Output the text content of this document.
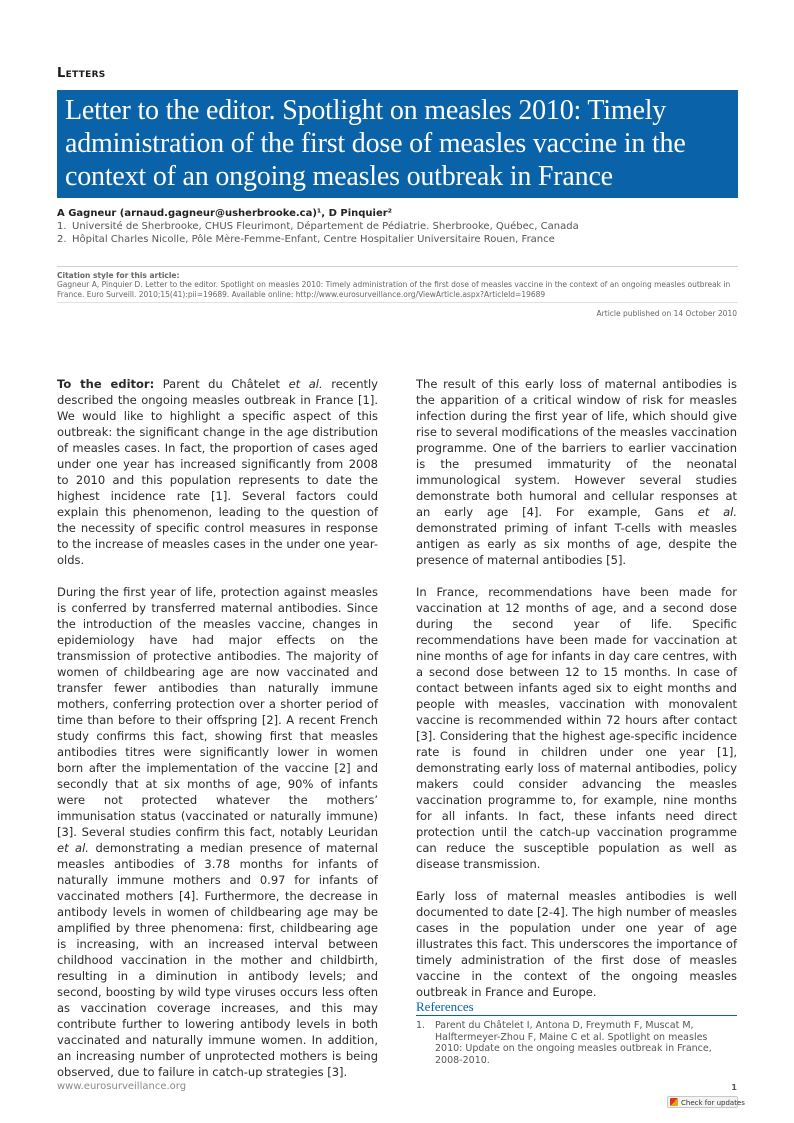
Letters
Letter to the editor. Spotlight on measles 2010: Timely administration of the first dose of measles vaccine in the context of an ongoing measles outbreak in France
A Gagneur (arnaud.gagneur@usherbrooke.ca)¹, D Pinquier²
1. Université de Sherbrooke, CHUS Fleurimont, Département de Pédiatrie. Sherbrooke, Québec, Canada
2. Hôpital Charles Nicolle, Pôle Mère-Femme-Enfant, Centre Hospitalier Universitaire Rouen, France
Citation style for this article:
Gagneur A, Pinquier D. Letter to the editor. Spotlight on measles 2010: Timely administration of the first dose of measles vaccine in the context of an ongoing measles outbreak in France. Euro Surveill. 2010;15(41):pii=19689. Available online: http://www.eurosurveillance.org/ViewArticle.aspx?ArticleId=19689
Article published on 14 October 2010

To the editor: Parent du Châtelet et al. recently described the ongoing measles outbreak in France [1]. We would like to highlight a specific aspect of this outbreak: the significant change in the age distribution of measles cases. In fact, the proportion of cases aged under one year has increased significantly from 2008 to 2010 and this population represents to date the highest incidence rate [1]. Several factors could explain this phenomenon, leading to the question of the necessity of specific control measures in response to the increase of measles cases in the under one year-olds.

During the first year of life, protection against measles is conferred by transferred maternal antibodies. Since the introduction of the measles vaccine, changes in epidemiology have had major effects on the transmission of protective antibodies. The majority of women of childbearing age are now vaccinated and transfer fewer antibodies than naturally immune mothers, conferring protection over a shorter period of time than before to their offspring [2]. A recent French study confirms this fact, showing first that measles antibodies titres were significantly lower in women born after the implementation of the vaccine [2] and secondly that at six months of age, 90% of infants were not protected whatever the mothers’ immunisation status (vaccinated or naturally immune) [3]. Several studies confirm this fact, notably Leuridan et al. demonstrating a median presence of maternal measles antibodies of 3.78 months for infants of naturally immune mothers and 0.97 for infants of vaccinated mothers [4]. Furthermore, the decrease in antibody levels in women of childbearing age may be amplified by three phenomena: first, childbearing age is increasing, with an increased interval between childhood vaccination in the mother and childbirth, resulting in a diminution in antibody levels; and second, boosting by wild type viruses occurs less often as vaccination coverage increases, and this may contribute further to lowering antibody levels in both vaccinated and naturally immune women. In addition, an increasing number of unprotected mothers is being observed, due to failure in catch-up strategies [3].

The result of this early loss of maternal antibodies is the apparition of a critical window of risk for measles infection during the first year of life, which should give rise to several modifications of the measles vaccination programme. One of the barriers to earlier vaccination is the presumed immaturity of the neonatal immunological system. However several studies demonstrate both humoral and cellular responses at an early age [4]. For example, Gans et al. demonstrated priming of infant T-cells with measles antigen as early as six months of age, despite the presence of maternal antibodies [5].

In France, recommendations have been made for vaccination at 12 months of age, and a second dose during the second year of life. Specific recommendations have been made for vaccination at nine months of age for infants in day care centres, with a second dose between 12 to 15 months. In case of contact between infants aged six to eight months and people with measles, vaccination with monovalent vaccine is recommended within 72 hours after contact [3]. Considering that the highest age-specific incidence rate is found in children under one year [1], demonstrating early loss of maternal antibodies, policy makers could consider advancing the measles vaccination programme to, for example, nine months for all infants. In fact, these infants need direct protection until the catch-up vaccination programme can reduce the susceptible population as well as disease transmission.

Early loss of maternal measles antibodies is well documented to date [2-4]. The high number of measles cases in the population under one year of age illustrates this fact. This underscores the importance of timely administration of the first dose of measles vaccine in the context of the ongoing measles outbreak in France and Europe.

References
1. Parent du Châtelet I, Antona D, Freymuth F, Muscat M, Halftermeyer-Zhou F, Maine C et al. Spotlight on measles 2010: Update on the ongoing measles outbreak in France, 2008-2010.
www.eurosurveillance.org	1
Check for updates
